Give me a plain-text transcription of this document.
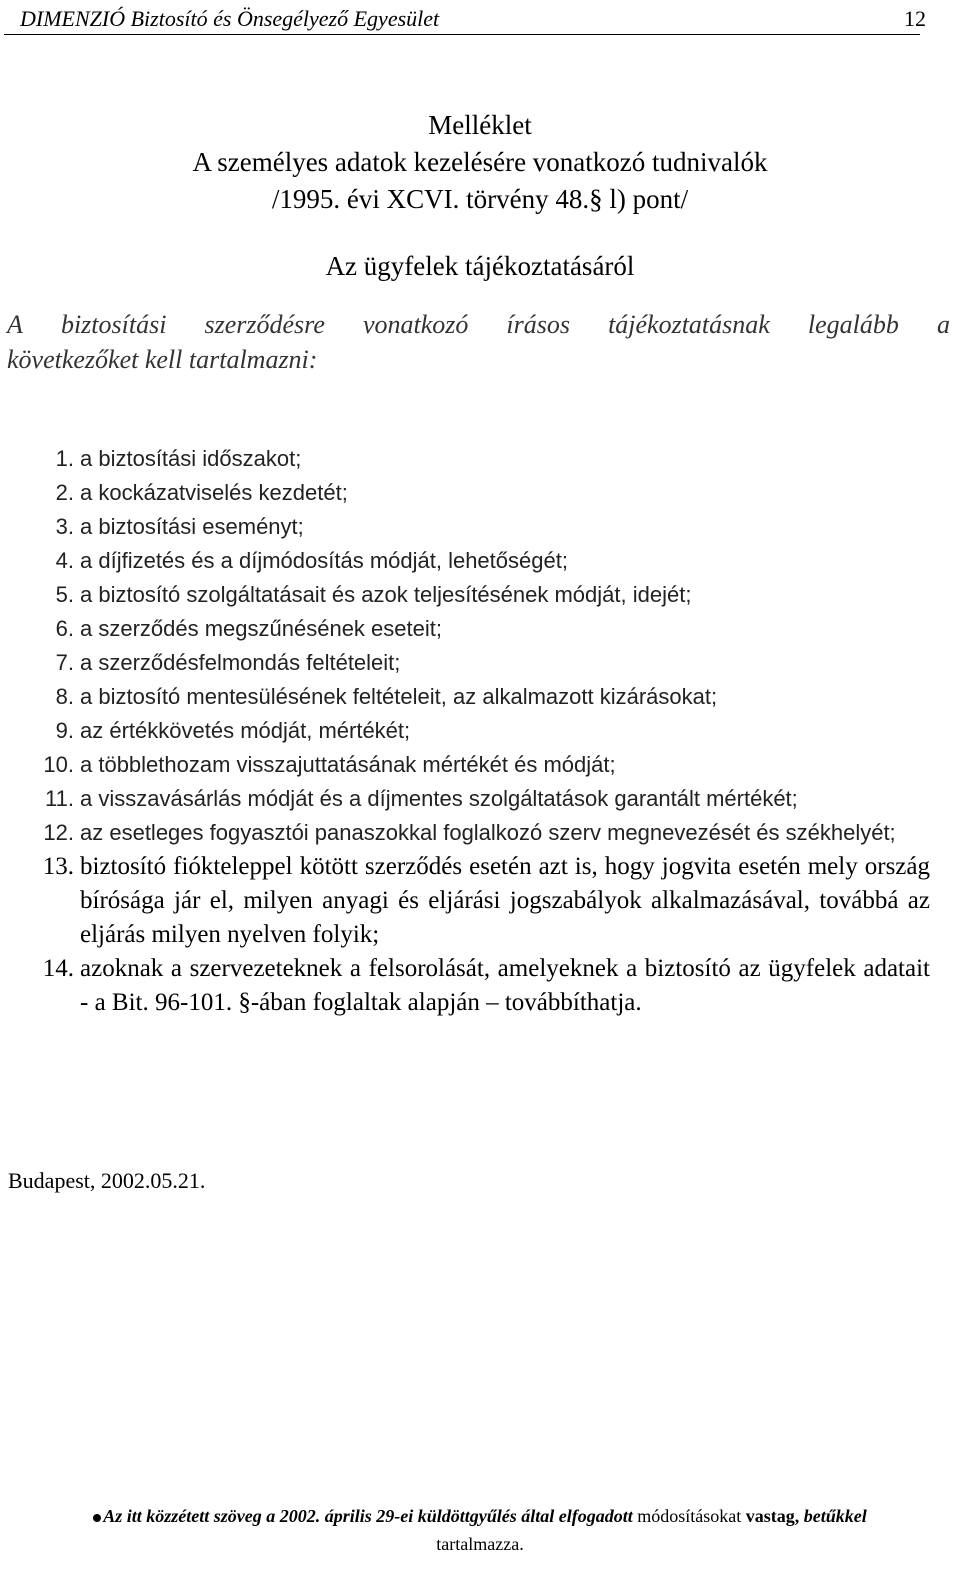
DIMENZIÓ Biztosító és Önsegélyező Egyesület	12
Melléklet
A személyes adatok kezelésére vonatkozó tudnivalók
/1995. évi XCVI. törvény 48.§ l) pont/
Az ügyfelek tájékoztatásáról
A biztosítási szerződésre vonatkozó írásos tájékoztatásnak legalább a
következőket kell tartalmazni:
1. a biztosítási időszakot;
2. a kockázatviselés kezdetét;
3. a biztosítási eseményt;
4. a díjfizetés és a díjmódosítás módját, lehetőségét;
5. a biztosító szolgáltatásait és azok teljesítésének módját, idejét;
6. a szerződés megszűnésének eseteit;
7. a szerződésfelmondás feltételeit;
8. a biztosító mentesülésének feltételeit, az alkalmazott kizárásokat;
9. az értékkövetés módját, mértékét;
10. a többlethozam visszajuttatásának mértékét és módját;
11. a visszavásárlás módját és a díjmentes szolgáltatások garantált mértékét;
12. az esetleges fogyasztói panaszokkal foglalkozó szerv megnevezését és székhelyét;
13. biztosító fiókteleppel kötött szerződés esetén azt is, hogy jogvita esetén mely ország bírósága jár el, milyen anyagi és eljárási jogszabályok alkalmazásával, továbbá az eljárás milyen nyelven folyik;
14. azoknak a szervezeteknek a felsorolását, amelyeknek a biztosító az ügyfelek adatait - a Bit. 96-101. §-ában foglaltak alapján – továbbíthatja.
Budapest, 2002.05.21.
Az itt közzétett szöveg a 2002. április 29-ei küldöttgyűlés által elfogadott módosításokat vastag, betűkkel
tartalmazza.
